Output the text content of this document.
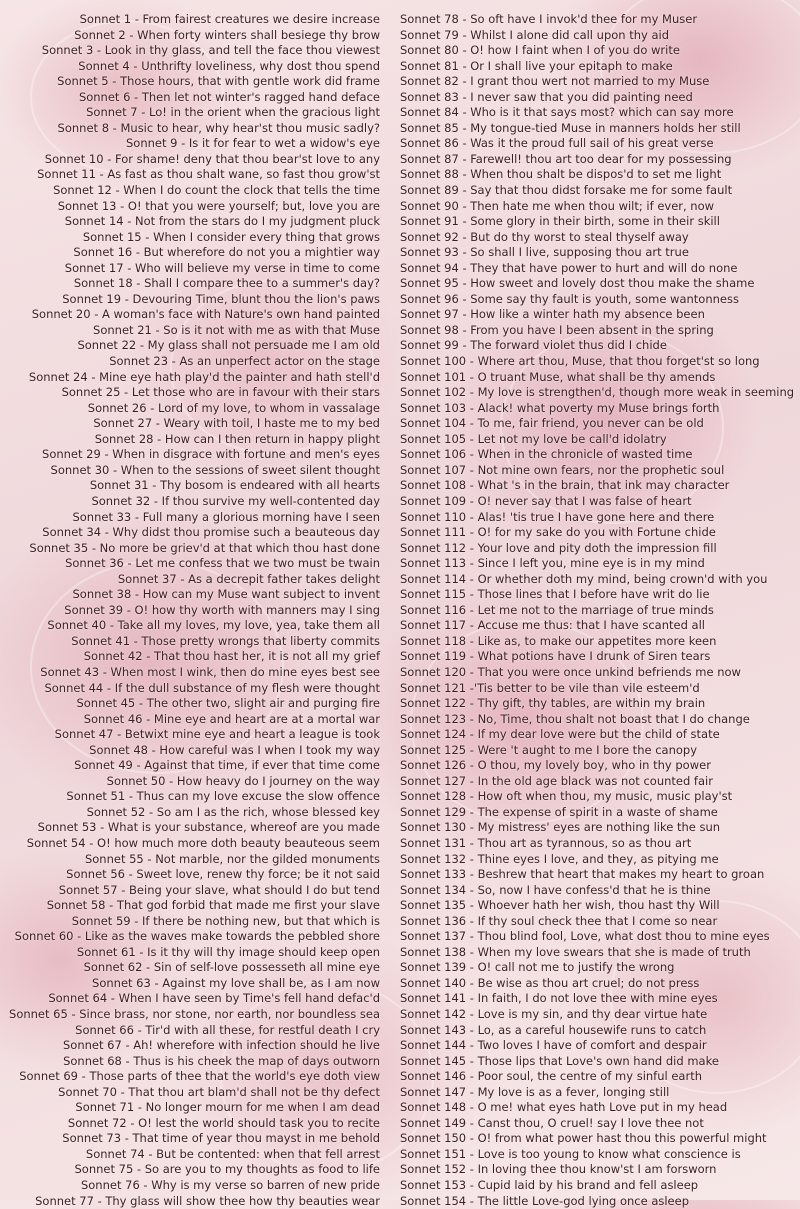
Sonnet 1 - From fairest creatures we desire increase
Sonnet 2 - When forty winters shall besiege thy brow
Sonnet 3 - Look in thy glass, and tell the face thou viewest
Sonnet 4 - Unthrifty loveliness, why dost thou spend
Sonnet 5 - Those hours, that with gentle work did frame
Sonnet 6 - Then let not winter's ragged hand deface
Sonnet 7 - Lo! in the orient when the gracious light
Sonnet 8 - Music to hear, why hear'st thou music sadly?
Sonnet 9 - Is it for fear to wet a widow's eye
Sonnet 10 - For shame! deny that thou bear'st love to any
Sonnet 11 - As fast as thou shalt wane, so fast thou grow'st
Sonnet 12 - When I do count the clock that tells the time
Sonnet 13 - O! that you were yourself; but, love you are
Sonnet 14 - Not from the stars do I my judgment pluck
Sonnet 15 - When I consider every thing that grows
Sonnet 16 - But wherefore do not you a mightier way
Sonnet 17 - Who will believe my verse in time to come
Sonnet 18 - Shall I compare thee to a summer's day?
Sonnet 19 - Devouring Time, blunt thou the lion's paws
Sonnet 20 - A woman's face with Nature's own hand painted
Sonnet 21 - So is it not with me as with that Muse
Sonnet 22 - My glass shall not persuade me I am old
Sonnet 23 - As an unperfect actor on the stage
Sonnet 24 - Mine eye hath play'd the painter and hath stell'd
Sonnet 25 - Let those who are in favour with their stars
Sonnet 26 - Lord of my love, to whom in vassalage
Sonnet 27 - Weary with toil, I haste me to my bed
Sonnet 28 - How can I then return in happy plight
Sonnet 29 - When in disgrace with fortune and men's eyes
Sonnet 30 - When to the sessions of sweet silent thought
Sonnet 31 - Thy bosom is endeared with all hearts
Sonnet 32 - If thou survive my well-contented day
Sonnet 33 - Full many a glorious morning have I seen
Sonnet 34 - Why didst thou promise such a beauteous day
Sonnet 35 - No more be griev'd at that which thou hast done
Sonnet 36 - Let me confess that we two must be twain
Sonnet 37 - As a decrepit father takes delight
Sonnet 38 - How can my Muse want subject to invent
Sonnet 39 - O! how thy worth with manners may I sing
Sonnet 40 - Take all my loves, my love, yea, take them all
Sonnet 41 - Those pretty wrongs that liberty commits
Sonnet 42 - That thou hast her, it is not all my grief
Sonnet 43 - When most I wink, then do mine eyes best see
Sonnet 44 - If the dull substance of my flesh were thought
Sonnet 45 - The other two, slight air and purging fire
Sonnet 46 - Mine eye and heart are at a mortal war
Sonnet 47 - Betwixt mine eye and heart a league is took
Sonnet 48 - How careful was I when I took my way
Sonnet 49 - Against that time, if ever that time come
Sonnet 50 - How heavy do I journey on the way
Sonnet 51 - Thus can my love excuse the slow offence
Sonnet 52 - So am I as the rich, whose blessed key
Sonnet 53 - What is your substance, whereof are you made
Sonnet 54 - O! how much more doth beauty beauteous seem
Sonnet 55 - Not marble, nor the gilded monuments
Sonnet 56 - Sweet love, renew thy force; be it not said
Sonnet 57 - Being your slave, what should I do but tend
Sonnet 58 - That god forbid that made me first your slave
Sonnet 59 - If there be nothing new, but that which is
Sonnet 60 - Like as the waves make towards the pebbled shore
Sonnet 61 - Is it thy will thy image should keep open
Sonnet 62 - Sin of self-love possesseth all mine eye
Sonnet 63 - Against my love shall be, as I am now
Sonnet 64 - When I have seen by Time's fell hand defac'd
Sonnet 65 - Since brass, nor stone, nor earth, nor boundless sea
Sonnet 66 - Tir'd with all these, for restful death I cry
Sonnet 67 - Ah! wherefore with infection should he live
Sonnet 68 - Thus is his cheek the map of days outworn
Sonnet 69 - Those parts of thee that the world's eye doth view
Sonnet 70 - That thou art blam'd shall not be thy defect
Sonnet 71 - No longer mourn for me when I am dead
Sonnet 72 - O! lest the world should task you to recite
Sonnet 73 - That time of year thou mayst in me behold
Sonnet 74 - But be contented: when that fell arrest
Sonnet 75 - So are you to my thoughts as food to life
Sonnet 76 - Why is my verse so barren of new pride
Sonnet 77 - Thy glass will show thee how thy beauties wear
Sonnet 78 - So oft have I invok'd thee for my Muser
Sonnet 79 - Whilst I alone did call upon thy aid
Sonnet 80 - O! how I faint when I of you do write
Sonnet 81 - Or I shall live your epitaph to make
Sonnet 82 - I grant thou wert not married to my Muse
Sonnet 83 - I never saw that you did painting need
Sonnet 84 - Who is it that says most? which can say more
Sonnet 85 - My tongue-tied Muse in manners holds her still
Sonnet 86 - Was it the proud full sail of his great verse
Sonnet 87 - Farewell! thou art too dear for my possessing
Sonnet 88 - When thou shalt be dispos'd to set me light
Sonnet 89 - Say that thou didst forsake me for some fault
Sonnet 90 - Then hate me when thou wilt; if ever, now
Sonnet 91 - Some glory in their birth, some in their skill
Sonnet 92 - But do thy worst to steal thyself away
Sonnet 93 - So shall I live, supposing thou art true
Sonnet 94 - They that have power to hurt and will do none
Sonnet 95 - How sweet and lovely dost thou make the shame
Sonnet 96 - Some say thy fault is youth, some wantonness
Sonnet 97 - How like a winter hath my absence been
Sonnet 98 - From you have I been absent in the spring
Sonnet 99 - The forward violet thus did I chide
Sonnet 100 - Where art thou, Muse, that thou forget'st so long
Sonnet 101 - O truant Muse, what shall be thy amends
Sonnet 102 - My love is strengthen'd, though more weak in seeming
Sonnet 103 - Alack! what poverty my Muse brings forth
Sonnet 104 - To me, fair friend, you never can be old
Sonnet 105 - Let not my love be call'd idolatry
Sonnet 106 - When in the chronicle of wasted time
Sonnet 107 - Not mine own fears, nor the prophetic soul
Sonnet 108 - What 's in the brain, that ink may character
Sonnet 109 - O! never say that I was false of heart
Sonnet 110 - Alas! 'tis true I have gone here and there
Sonnet 111 - O! for my sake do you with Fortune chide
Sonnet 112 - Your love and pity doth the impression fill
Sonnet 113 - Since I left you, mine eye is in my mind
Sonnet 114 - Or whether doth my mind, being crown'd with you
Sonnet 115 - Those lines that I before have writ do lie
Sonnet 116 - Let me not to the marriage of true minds
Sonnet 117 - Accuse me thus: that I have scanted all
Sonnet 118 - Like as, to make our appetites more keen
Sonnet 119 - What potions have I drunk of Siren tears
Sonnet 120 - That you were once unkind befriends me now
Sonnet 121 -'Tis better to be vile than vile esteem'd
Sonnet 122 - Thy gift, thy tables, are within my brain
Sonnet 123 - No, Time, thou shalt not boast that I do change
Sonnet 124 - If my dear love were but the child of state
Sonnet 125 - Were 't aught to me I bore the canopy
Sonnet 126 - O thou, my lovely boy, who in thy power
Sonnet 127 - In the old age black was not counted fair
Sonnet 128 - How oft when thou, my music, music play'st
Sonnet 129 - The expense of spirit in a waste of shame
Sonnet 130 - My mistress' eyes are nothing like the sun
Sonnet 131 - Thou art as tyrannous, so as thou art
Sonnet 132 - Thine eyes I love, and they, as pitying me
Sonnet 133 - Beshrew that heart that makes my heart to groan
Sonnet 134 - So, now I have confess'd that he is thine
Sonnet 135 - Whoever hath her wish, thou hast thy Will
Sonnet 136 - If thy soul check thee that I come so near
Sonnet 137 - Thou blind fool, Love, what dost thou to mine eyes
Sonnet 138 - When my love swears that she is made of truth
Sonnet 139 - O! call not me to justify the wrong
Sonnet 140 - Be wise as thou art cruel; do not press
Sonnet 141 - In faith, I do not love thee with mine eyes
Sonnet 142 - Love is my sin, and thy dear virtue hate
Sonnet 143 - Lo, as a careful housewife runs to catch
Sonnet 144 - Two loves I have of comfort and despair
Sonnet 145 - Those lips that Love's own hand did make
Sonnet 146 - Poor soul, the centre of my sinful earth
Sonnet 147 - My love is as a fever, longing still
Sonnet 148 - O me! what eyes hath Love put in my head
Sonnet 149 - Canst thou, O cruel! say I love thee not
Sonnet 150 - O! from what power hast thou this powerful might
Sonnet 151 - Love is too young to know what conscience is
Sonnet 152 - In loving thee thou know'st I am forsworn
Sonnet 153 - Cupid laid by his brand and fell asleep
Sonnet 154 - The little Love-god lying once asleep
